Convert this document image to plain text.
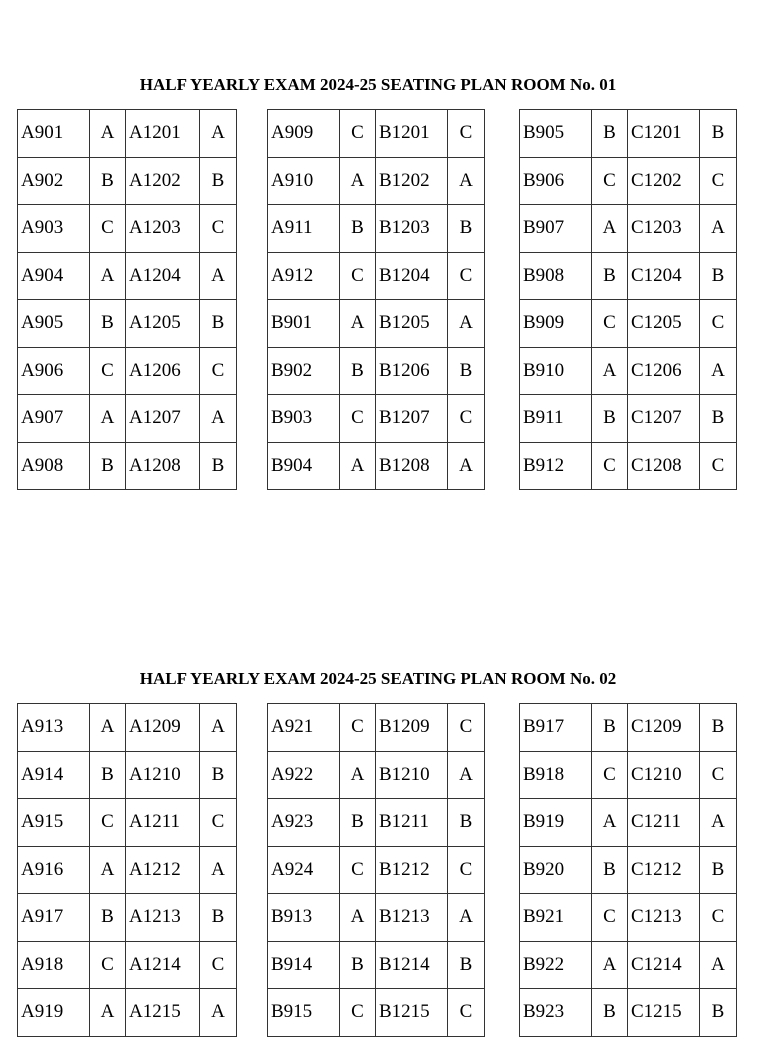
HALF YEARLY EXAM 2024-25 SEATING PLAN ROOM No. 01
A901	A	A1201	A
A902	B	A1202	B
A903	C	A1203	C
A904	A	A1204	A
A905	B	A1205	B
A906	C	A1206	C
A907	A	A1207	A
A908	B	A1208	B
A909	C	B1201	C
A910	A	B1202	A
A911	B	B1203	B
A912	C	B1204	C
B901	A	B1205	A
B902	B	B1206	B
B903	C	B1207	C
B904	A	B1208	A
B905	B	C1201	B
B906	C	C1202	C
B907	A	C1203	A
B908	B	C1204	B
B909	C	C1205	C
B910	A	C1206	A
B911	B	C1207	B
B912	C	C1208	C
HALF YEARLY EXAM 2024-25 SEATING PLAN ROOM No. 02
A913	A	A1209	A
A914	B	A1210	B
A915	C	A1211	C
A916	A	A1212	A
A917	B	A1213	B
A918	C	A1214	C
A919	A	A1215	A
A921	C	B1209	C
A922	A	B1210	A
A923	B	B1211	B
A924	C	B1212	C
B913	A	B1213	A
B914	B	B1214	B
B915	C	B1215	C
B917	B	C1209	B
B918	C	C1210	C
B919	A	C1211	A
B920	B	C1212	B
B921	C	C1213	C
B922	A	C1214	A
B923	B	C1215	B
